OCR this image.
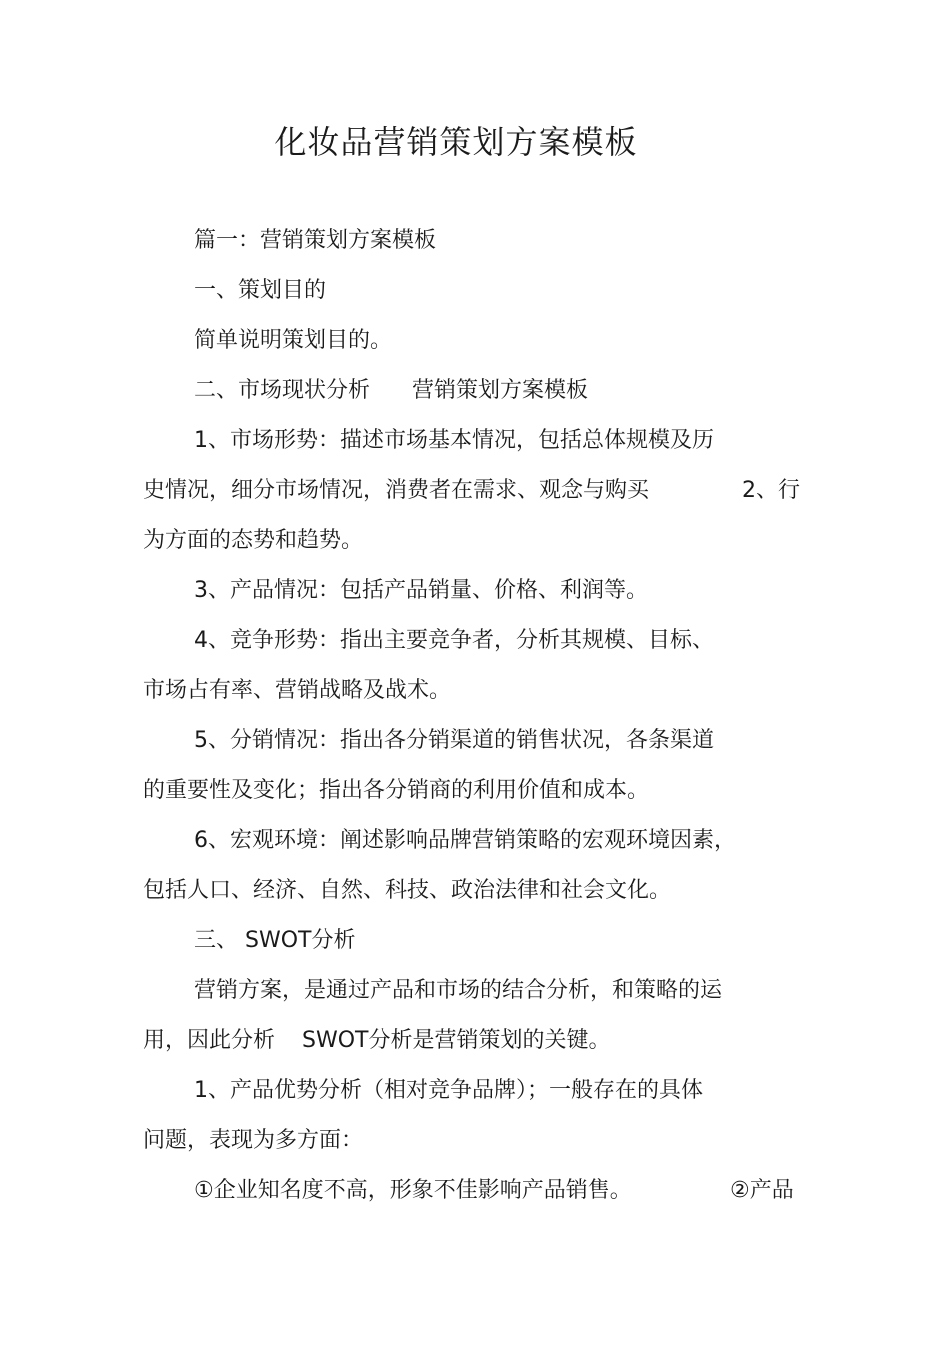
化妆品营销策划方案模板
篇一：营销策划方案模板
一、策划目的
简单说明策划目的。
二、市场现状分析 营销策划方案模板
1、市场形势：描述市场基本情况，包括总体规模及历
史情况，细分市场情况，消费者在需求、观念与购买	2、行
为方面的态势和趋势。
3、产品情况：包括产品销量、价格、利润等。
4、竞争形势：指出主要竞争者，分析其规模、目标、
市场占有率、营销战略及战术。
5、分销情况：指出各分销渠道的销售状况，各条渠道
的重要性及变化；指出各分销商的利用价值和成本。
6、宏观环境：阐述影响品牌营销策略的宏观环境因素，
包括人口、经济、自然、科技、政治法律和社会文化。
三、 SWOT分析
营销方案，是通过产品和市场的结合分析，和策略的运
用，因此分析 SWOT分析是营销策划的关键。
1、产品优势分析（相对竞争品牌）；一般存在的具体
问题，表现为多方面：
①企业知名度不高，形象不佳影响产品销售。	②产品
